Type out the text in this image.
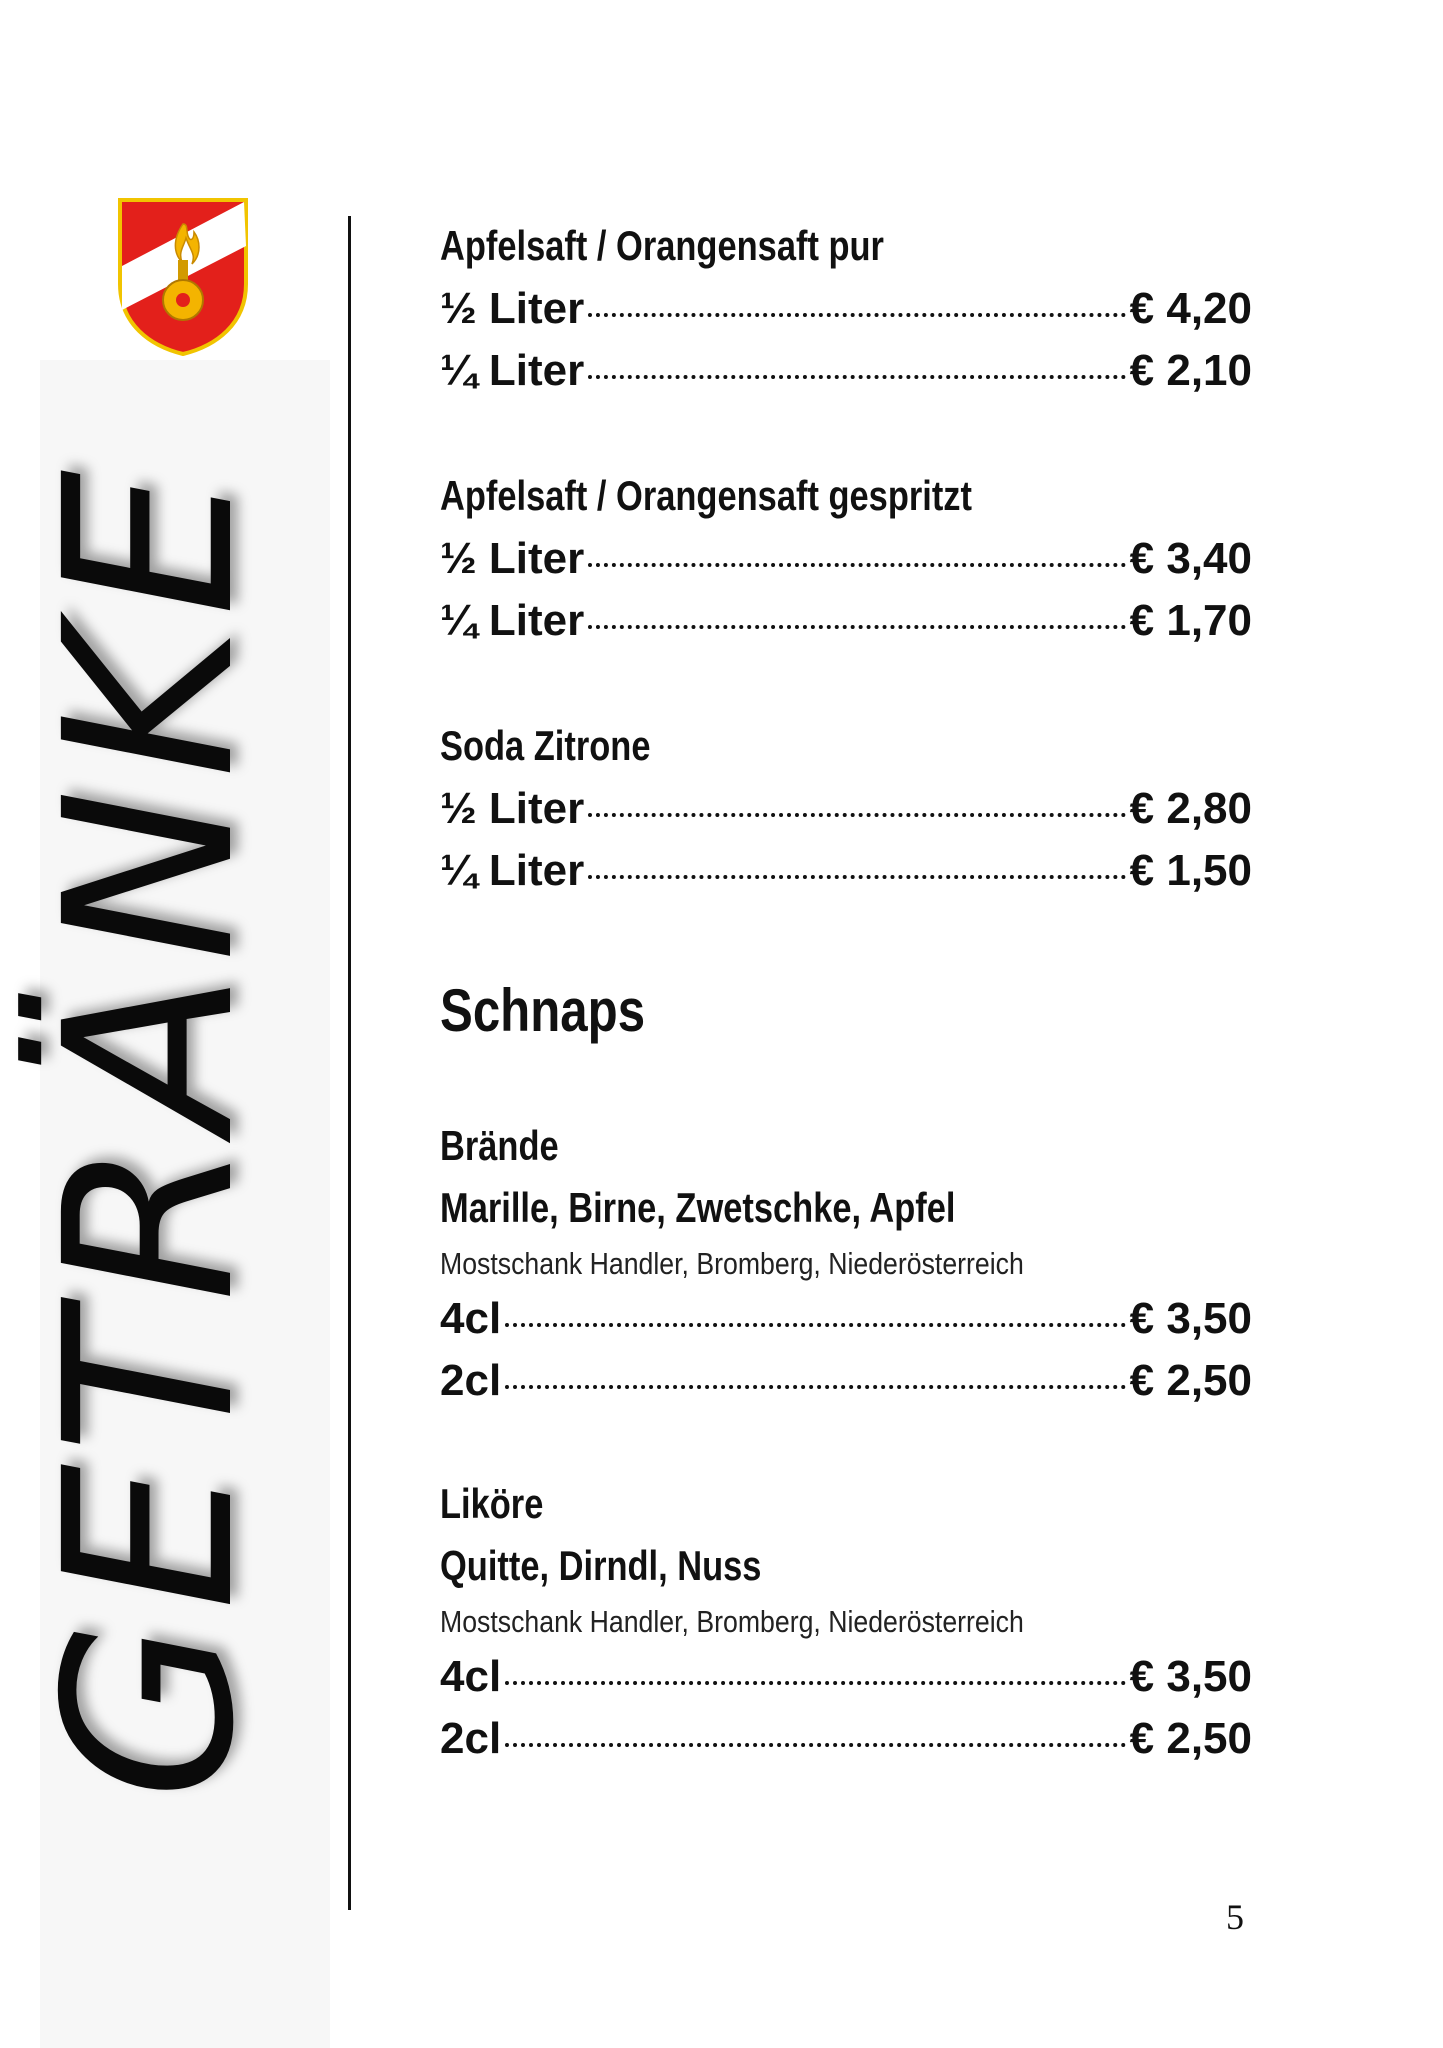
GETRÄNKE
Apfelsaft / Orangensaft pur
½ Liter	€ 4,20
¼ Liter	€ 2,10
Apfelsaft / Orangensaft gespritzt
½ Liter	€ 3,40
¼ Liter	€ 1,70
Soda Zitrone
½ Liter	€ 2,80
¼ Liter	€ 1,50
Schnaps
Brände
Marille, Birne, Zwetschke, Apfel
Mostschank Handler, Bromberg, Niederösterreich
4cl	€ 3,50
2cl	€ 2,50
Liköre
Quitte, Dirndl, Nuss
Mostschank Handler, Bromberg, Niederösterreich
4cl	€ 3,50
2cl	€ 2,50
5
